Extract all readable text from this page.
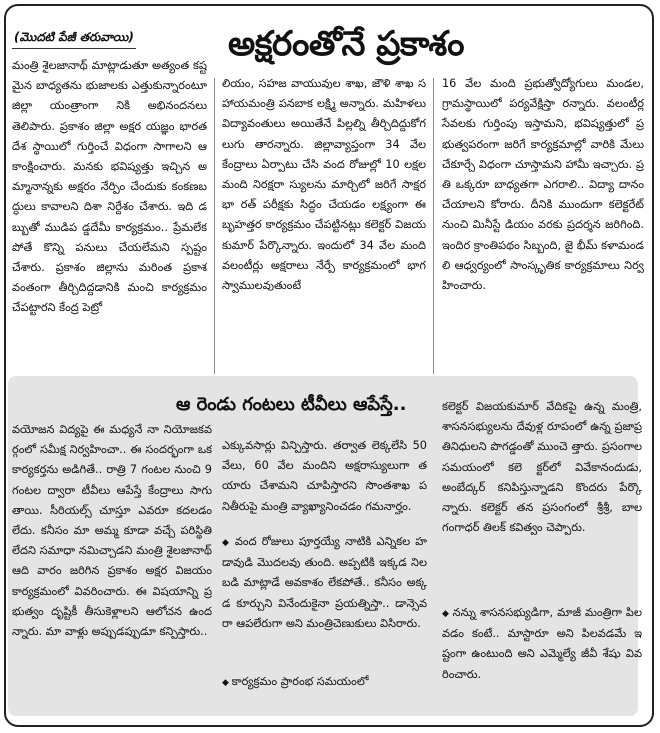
(మొదటి పేజీ తరువాయి)	అక్షరంతోనే ప్రకాశం
మంత్రి శైలజానాథ్ మాట్లాడుతూ అత్యంత కష్టమైన బాధ్యతను భుజాలకు ఎత్తుకున్నారంటూ జిల్లా యంత్రాంగా నికి అభినందనలు తెలిపారు. ప్రకాశం జిల్లా అక్షర యజ్ఞం భారతదేశ స్థాయిలో గుర్తించే విధంగా సాగాలని ఆకాంక్షించారు. మనకు భవిష్యత్తు ఇచ్చిన అమ్మానాన్నకు అక్షరం నేర్పిం చేందుకు కంకణబద్ధులు కావాలని దిశా నిర్దేశం చేశారు. ఇది డబ్బుతో ముడిప డ్డదేమీ కార్యక్రమం.. ప్రేమలేకపోతే కొన్ని పనులు చేయలేమని స్పష్టం చేశారు. ప్రకాశం జిల్లాను మరింత ప్రకాశవంతంగా తీర్చిదిద్దడానికి మంచి కార్యక్రమం చేపట్టారని కేంద్ర పెట్రో
లియం, సహజ వాయువుల శాఖ, జౌళి శాఖ సహాయమంత్రి పనబాక లక్ష్మి అన్నారు. మహిళలు విద్యావంతులు అయితేనే పిల్లల్ని తీర్చిదిద్దుకోగలుగు తారన్నారు. జిల్లావ్యాప్తంగా 34 వేల కేంద్రాలు ఏర్పాటు చేసి వంద రోజుల్లో 10 లక్షల మంది నిరక్షరా స్యులను మార్చిలో జరిగే సాక్షరభా రత్ పరీక్షకు సిద్ధం చేయడం లక్ష్యంగా ఈ బృహత్తర కార్యక్రమం చేపట్టినట్లు కలెక్టర్ విజయకుమార్ పేర్కొన్నారు. ఇందులో 34 వేల మంది వలంటీర్లు అక్షరాలు నేర్పే కార్యక్రమంలో భాగస్వాములవుతుంటే
16 వేల మంది ప్రభుత్వోద్యోగులు మండల, గ్రామస్థాయిలో పర్యవేక్షిస్తా రన్నారు. వలంటీర్ల సేవలకు గుర్తింపు ఇస్తామని, భవిష్యత్తులో ప్రభుత్వపరంగా జరిగే కార్యక్రమాల్లో వారికి మేలు చేకూర్చే విధంగా చూస్తామని హామీ ఇచ్చారు. ప్రతి ఒక్కరూ బాధ్యతగా ఎగరాలి.. విద్యా దానం చేయాలని కోరారు. దీనికి ముందుగా కలెక్టరేట్ నుంచి మినీస్టే డియం వరకు ప్రదర్శన జరిగింది. ఇందిర క్రాంతిపథం సిబ్బంది, జై భీమ్ కళామండలి ఆధ్వర్యంలో సాంస్కృతిక కార్యక్రమాలు నిర్వహించారు.
ఆ రెండు గంటలు టీవీలు ఆపేస్తే..
వయోజన విద్యపై ఈ మధ్యనే నా నియోజకవర్గంలో సమీక్ష నిర్వహించా.. ఈ సందర్భంగా ఒక కార్యకర్తను అడిగితే.. రాత్రి 7 గంటల నుంచి 9 గంటల ద్వారా టీవీలు ఆపేస్తే కేంద్రాలు సాగు తాయి. సీరియల్స్ చూస్తూ ఎవరూ కదలడం లేదు. కనీసం మా అమ్మ కూడా వచ్చే పరిస్థితి లేదని సమాధా నమిచ్చాడని మంత్రి శైలజానాథ్ ఆది వారం జరిగిన ప్రకాశం అక్షర విజయం కార్యక్రమంలో వివరించారు. ఈ విషయాన్ని ప్రభుత్వం దృష్టికీ తీసుకెళ్లాలని ఆలోచన ఉందన్నారు. మా వాళ్లు అప్పుడప్పుడూ కన్పిస్తారు..

ఎక్కువసార్లు విన్పిస్తారు. తర్వాత లెక్కలేసి 50 వేలు, 60 వేల మందిని అక్షరాస్యులుగా తయారు చేశామని చూపిస్తారని సొంతశాఖ పనితీరుపై మంత్రి వ్యాఖ్యానించడం గమనార్హం.

◆ వంద రోజులు పూర్తయ్యే నాటికి ఎన్నికల హడావుడి మొదలవు తుంది. అప్పటికి ఇక్కడ నిలబడి మాట్లాడే అవకాశం లేకపోతే.. కనీసం అక్కడ కూర్చుని వినేందుకైనా ప్రయత్నిస్తా.. డాన్సెవరా ఆపలేరుగా అని మంత్రిచెణుకులు విసిరారు.

◆ కార్యక్రమం ప్రారంభ సమయంలో

కలెక్టర్ విజయకుమార్ వేదికపై ఉన్న మంత్రి, శాసనసభ్యులను దేవుళ్ల రూపంలో ఉన్న ప్రజాప్ర తినిధులని పొగడ్డంతో ముంచె త్తారు. ప్రసంగాల సమయంలో కలె క్టర్‌లో వివేకానందుడు, అంబేద్కర్ కనిపిస్తున్నాడని కొందరు పేర్కొ న్నారు. కలెక్టర్ తన ప్రసంగంలో శ్రీశ్రీ, బాలగంగాధర్ తిలక్ కవిత్వం చెప్పారు.

◆ నన్ను శాసనసభ్యుడిగా, మాజీ మంత్రిగా పిలవడం కంటే.. మాస్టారూ అని పిలవడమే ఇష్టంగా ఉంటుంది అని ఎమ్మెల్యే జీవీ శేషు వివరించారు.
